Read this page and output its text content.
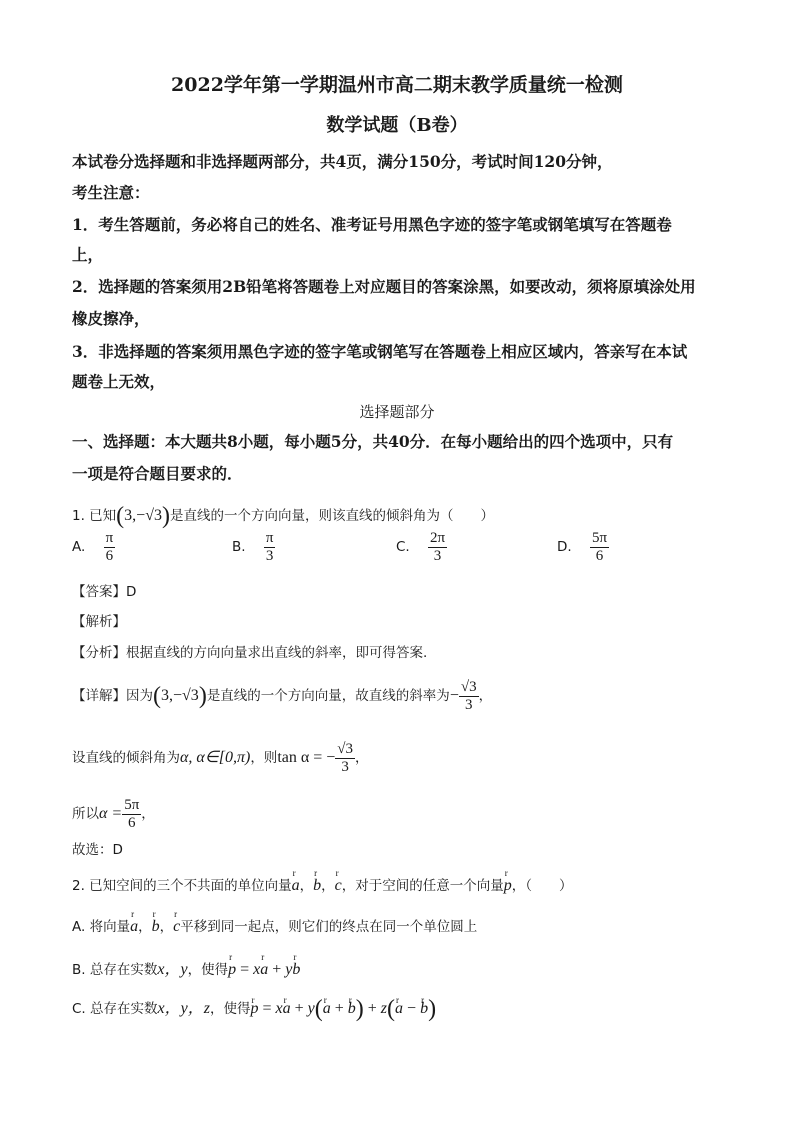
2022学年第一学期温州市高二期末教学质量统一检测
数学试题（B卷）
本试卷分选择题和非选择题两部分，共4页，满分150分，考试时间120分钟，
考生注意：
1．考生答题前，务必将自己的姓名、准考证号用黑色字迹的签字笔或钢笔填写在答题卷
上，
2．选择题的答案须用2B铅笔将答题卷上对应题目的答案涂黑，如要改动，须将原填涂处用
橡皮擦净，
3．非选择题的答案须用黑色字迹的签字笔或钢笔写在答题卷上相应区域内，答亲写在本试
题卷上无效，
选择题部分
一、选择题：本大题共8小题，每小题5分，共40分．在每小题给出的四个选项中，只有
一项是符合题目要求的．
1. 已知(3,−√3)是直线的一个方向向量，则该直线的倾斜角为（　　）
A. $\frac{\pi}{6}$	B. $\frac{\pi}{3}$	C. $\frac{2\pi}{3}$	D. $\frac{5\pi}{6}$
【答案】D
【解析】
【分析】根据直线的方向向量求出直线的斜率，即可得答案.
【详解】因为(3,−√3)是直线的一个方向向量，故直线的斜率为− $\frac{√3}{3}$ ，
设直线的倾斜角为α, α∈[0,π)，则tan α = − $\frac{√3}{3}$ ，
所以$\alpha = \frac{5\pi}{6}$ ，
故选：D
2. 已知空间的三个不共面的单位向量r a，r b，r c，对于空间的任意一个向量r p，（　　）
A. 将向量r a，r b，r c平移到同一起点，则它们的终点在同一个单位圆上
B. 总存在实数x，y，使得r p = xr a + yr b
C. 总存在实数x，y，z，使得r p = xr a + y(r a + r b) + z(r a − r b)
